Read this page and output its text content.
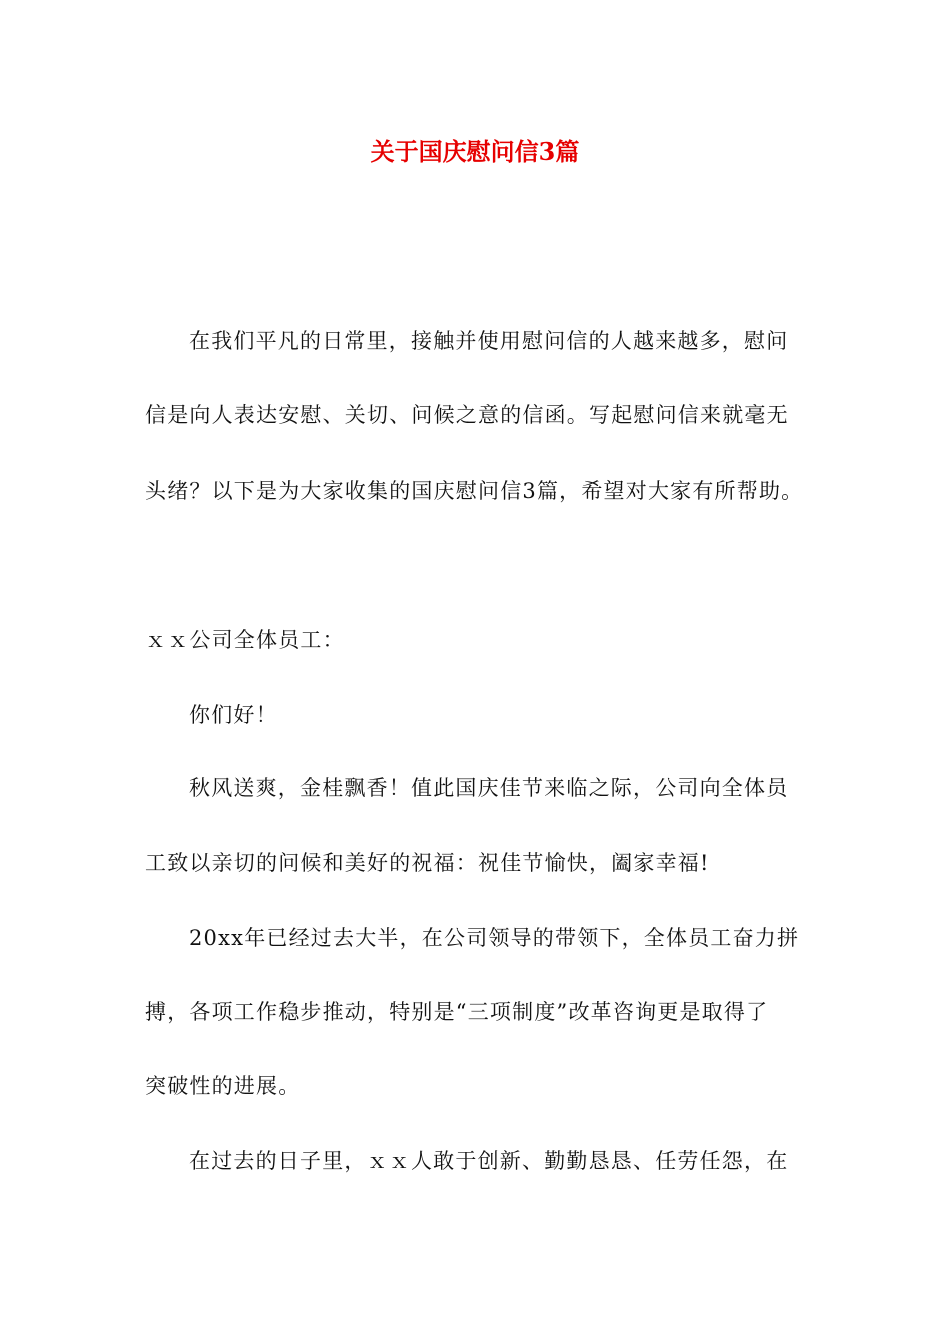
关于国庆慰问信3篇
在我们平凡的日常里，接触并使用慰问信的人越来越多，慰问
信是向人表达安慰、关切、问候之意的信函。写起慰问信来就毫无
头绪？以下是为大家收集的国庆慰问信3篇，希望对大家有所帮助。
ｘｘ公司全体员工：
你们好！
秋风送爽，金桂飘香！值此国庆佳节来临之际，公司向全体员
工致以亲切的问候和美好的祝福：祝佳节愉快，阖家幸福!
20xx年已经过去大半，在公司领导的带领下，全体员工奋力拼
搏，各项工作稳步推动，特别是“三项制度”改革咨询更是取得了
突破性的进展。
在过去的日子里，ｘｘ人敢于创新、勤勤恳恳、任劳任怨，在
